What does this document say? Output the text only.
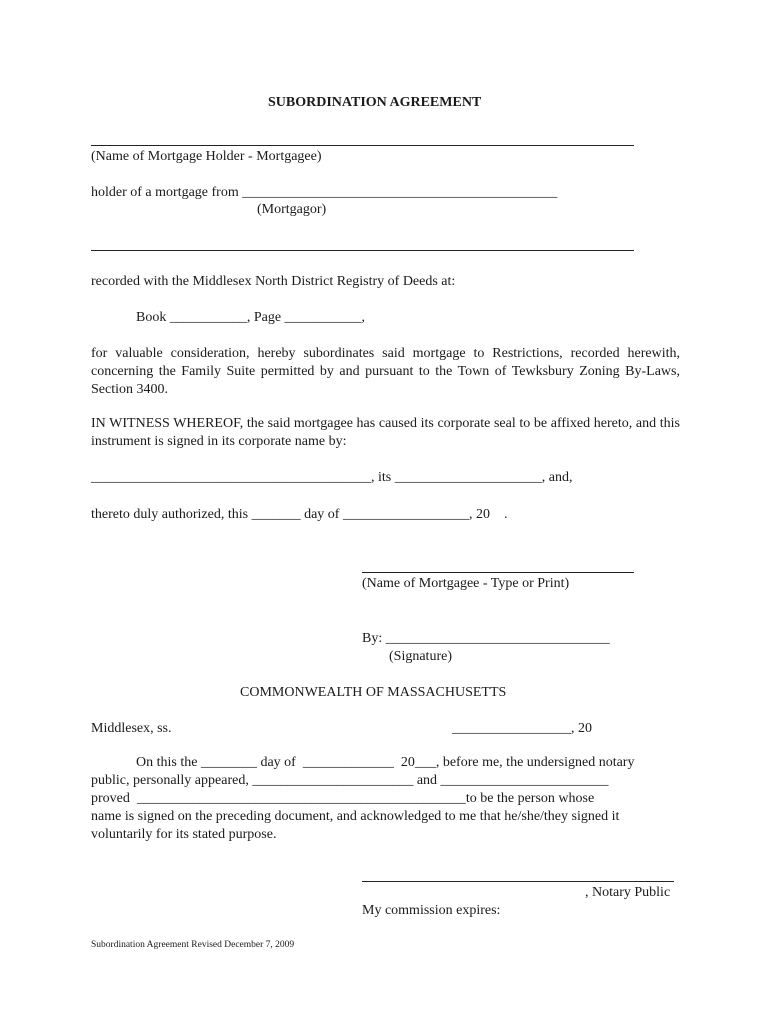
SUBORDINATION AGREEMENT
(Name of Mortgage Holder - Mortgagee)
holder of a mortgage from _____________________________________________
(Mortgagor)
recorded with the Middlesex North District Registry of Deeds at:
Book ___________, Page ___________,
for valuable consideration, hereby subordinates said mortgage to Restrictions, recorded herewith, concerning the Family Suite permitted by and pursuant to the Town of Tewksbury Zoning By-Laws, Section 3400.
IN WITNESS WHEREOF, the said mortgagee has caused its corporate seal to be affixed hereto, and this instrument is signed in its corporate name by:
________________________________________, its _____________________, and,
thereto duly authorized, this _______ day of __________________, 20    .
(Name of Mortgagee - Type or Print)
By: ________________________________
(Signature)
COMMONWEALTH OF MASSACHUSETTS
Middlesex, ss.	_________________, 20
On this the ________ day of  _____________  20___, before me, the undersigned notary
public, personally appeared, _______________________ and ________________________
proved  _______________________________________________to be the person whose
name is signed on the preceding document, and acknowledged to me that he/she/they signed it
voluntarily for its stated purpose.
, Notary Public
My commission expires:
Subordination Agreement Revised December 7, 2009
